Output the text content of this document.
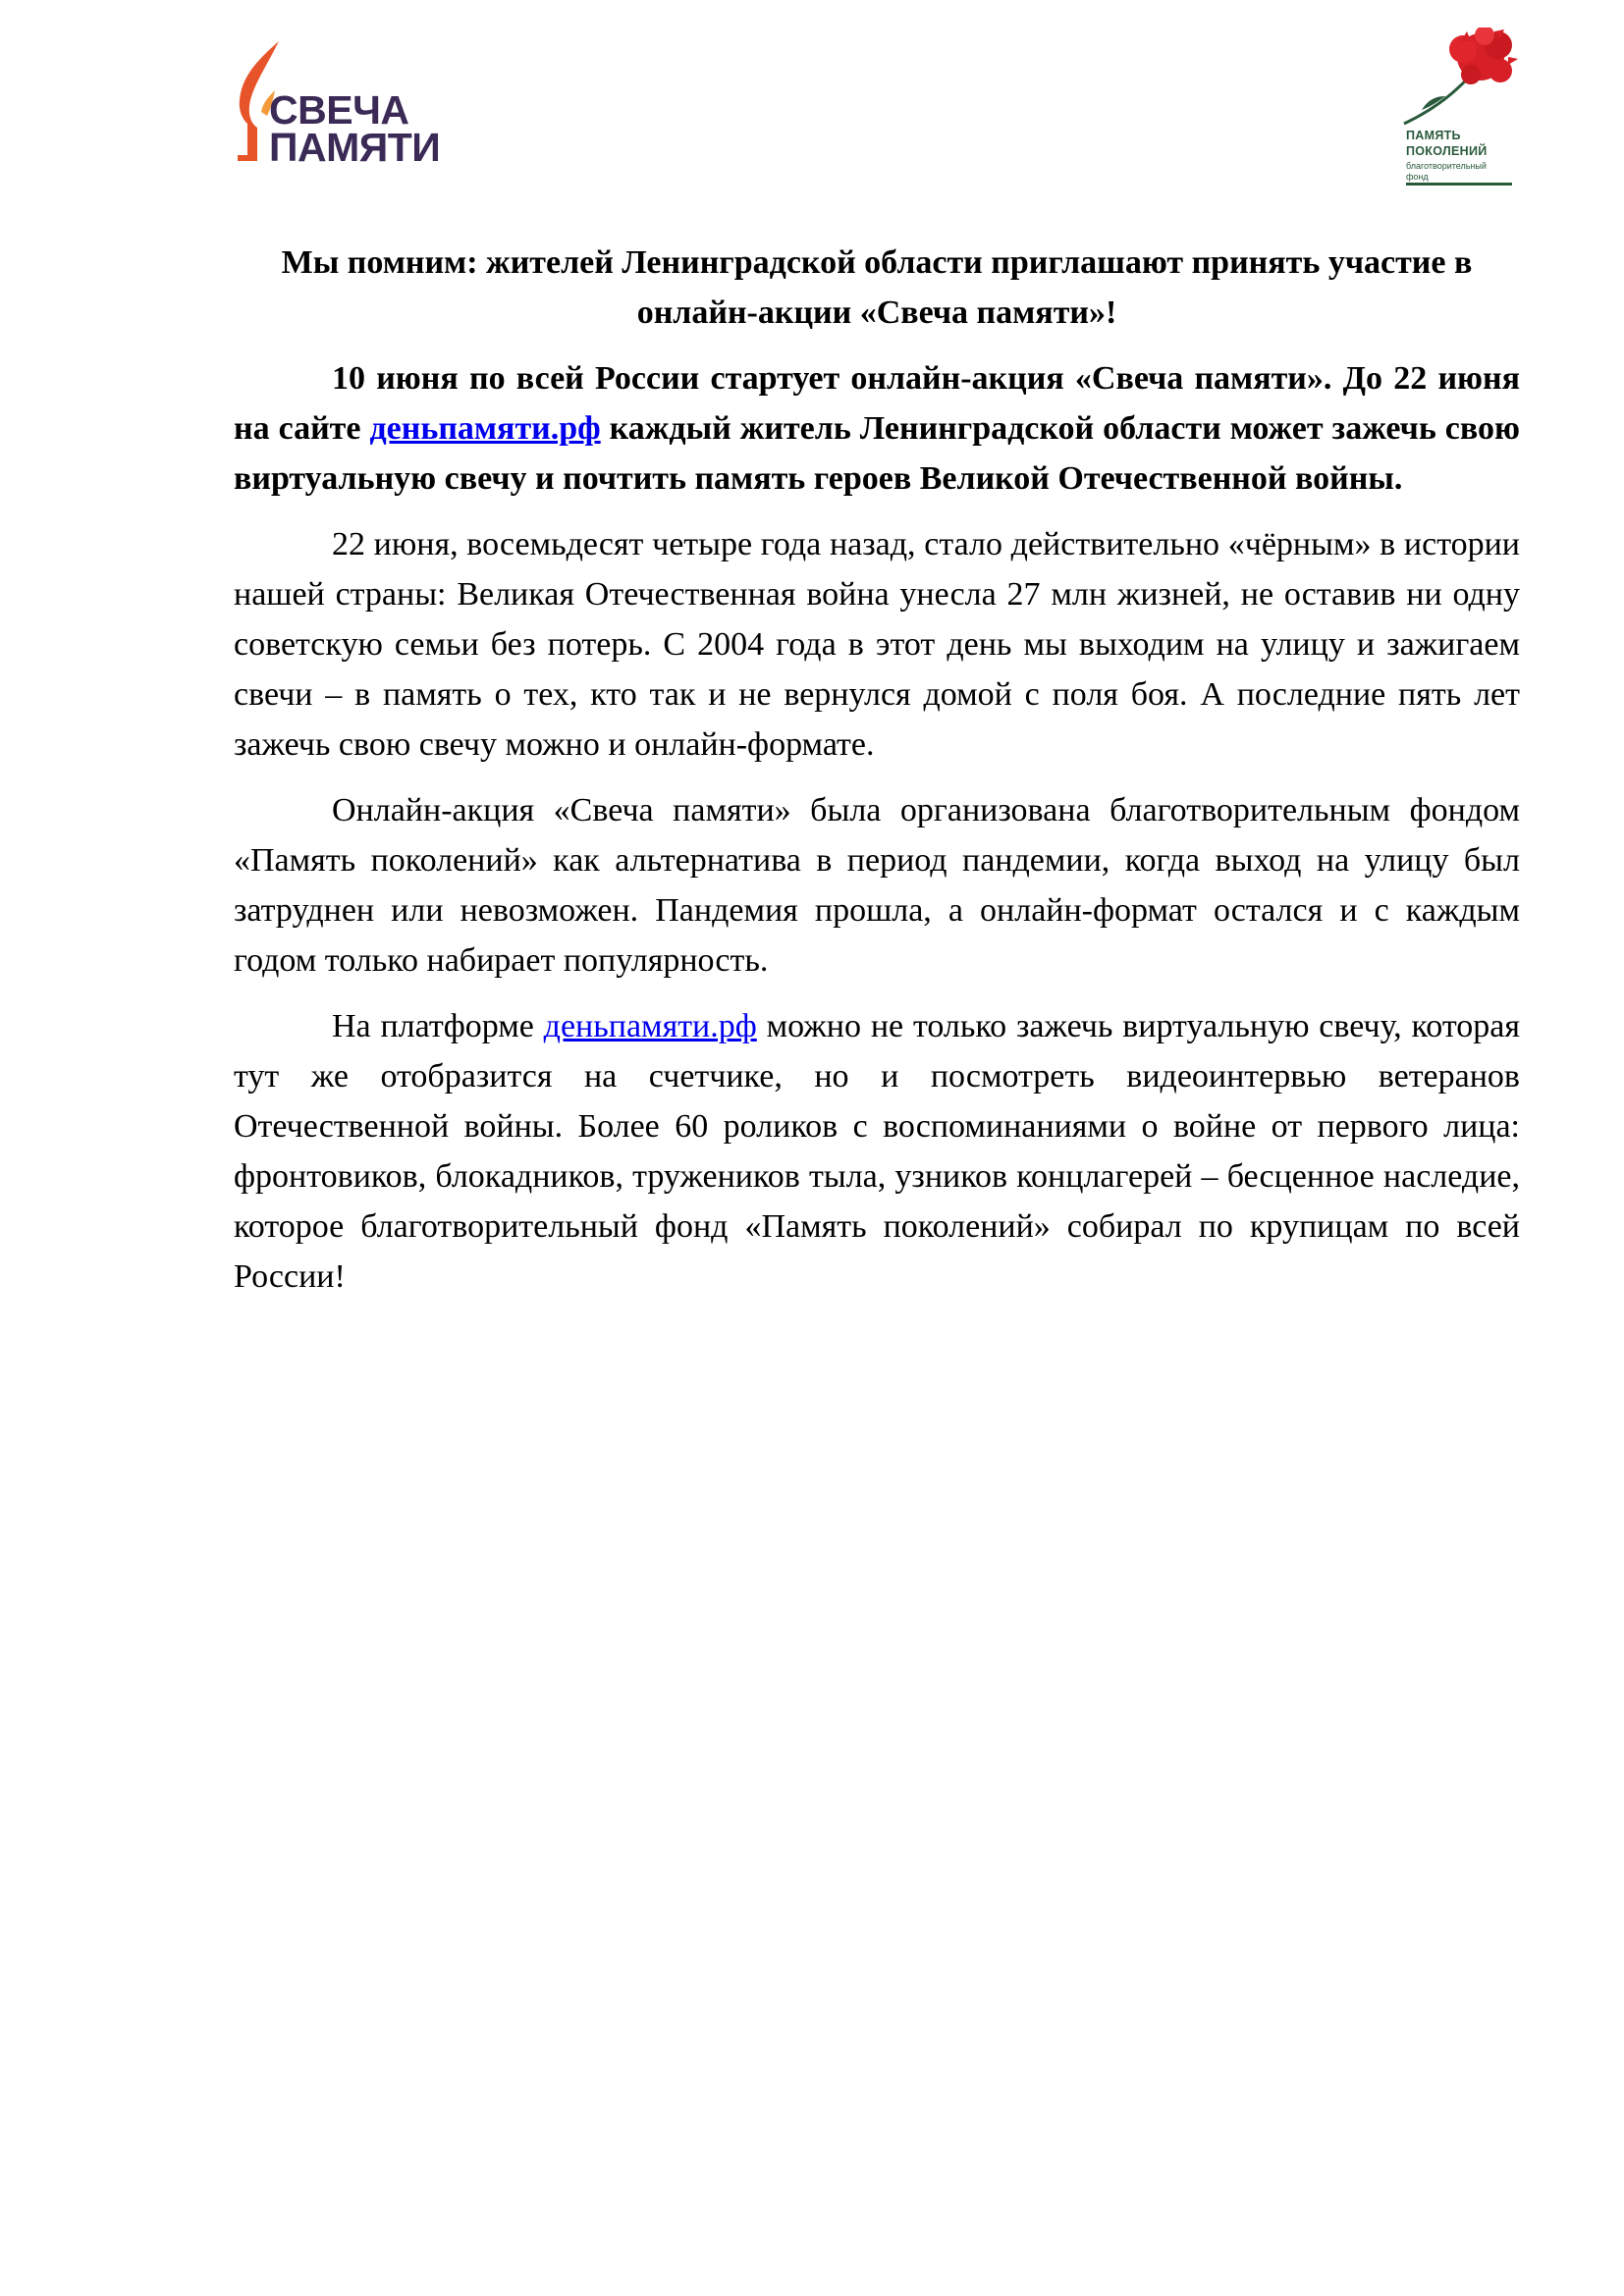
СВЕЧА
ПАМЯТИ	ПАМЯТЬ
ПОКОЛЕНИЙ
благотворительный
фонд
Мы помним: жителей Ленинградской области приглашают принять участие в онлайн-акции «Свеча памяти»!

10 июня по всей России стартует онлайн-акция «Свеча памяти». До 22 июня на сайте деньпамяти.рф каждый житель Ленинградской области может зажечь свою виртуальную свечу и почтить память героев Великой Отечественной войны.

22 июня, восемьдесят четыре года назад, стало действительно «чёрным» в истории нашей страны: Великая Отечественная война унесла 27 млн жизней, не оставив ни одну советскую семьи без потерь. С 2004 года в этот день мы выходим на улицу и зажигаем свечи – в память о тех, кто так и не вернулся домой с поля боя. А последние пять лет зажечь свою свечу можно и онлайн-формате.

Онлайн-акция «Свеча памяти» была организована благотворительным фондом «Память поколений» как альтернатива в период пандемии, когда выход на улицу был затруднен или невозможен. Пандемия прошла, а онлайн-формат остался и с каждым годом только набирает популярность.

На платформе деньпамяти.рф можно не только зажечь виртуальную свечу, которая тут же отобразится на счетчике, но и посмотреть видеоинтервью ветеранов Отечественной войны. Более 60 роликов с воспоминаниями о войне от первого лица: фронтовиков, блокадников, тружеников тыла, узников концлагерей – бесценное наследие, которое благотворительный фонд «Память поколений» собирал по крупицам по всей России!
